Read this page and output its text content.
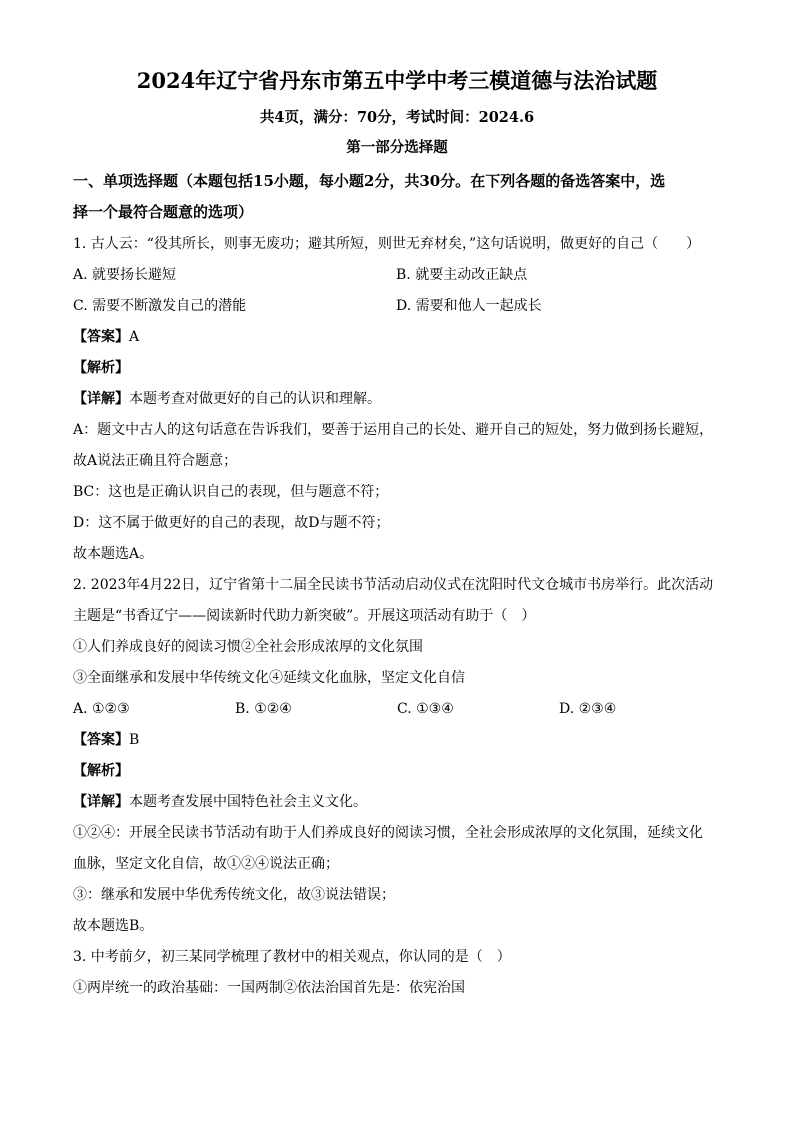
2024年辽宁省丹东市第五中学中考三模道德与法治试题
共4页，满分：70分，考试时间：2024.6
第一部分选择题
一、单项选择题（本题包括15小题，每小题2分，共30分。在下列各题的备选答案中，选
择一个最符合题意的选项）
1. 古人云：“役其所长，则事无废功；避其所短，则世无弃材矣，”这句话说明，做更好的自己（　　）
A. 就要扬长避短	B. 就要主动改正缺点
C. 需要不断激发自己的潜能	D. 需要和他人一起成长
【答案】A
【解析】
【详解】本题考查对做更好的自己的认识和理解。
A：题文中古人的这句话意在告诉我们，要善于运用自己的长处、避开自己的短处，努力做到扬长避短，
故A说法正确且符合题意；
BC：这也是正确认识自己的表现，但与题意不符；
D：这不属于做更好的自己的表现，故D与题不符；
故本题选A。
2. 2023年4月22日，辽宁省第十二届全民读书节活动启动仪式在沈阳时代文仓城市书房举行。此次活动
主题是“书香辽宁——阅读新时代助力新突破”。开展这项活动有助于（　）
①人们养成良好的阅读习惯②全社会形成浓厚的文化氛围
③全面继承和发展中华传统文化④延续文化血脉，坚定文化自信
A. ①②③	B. ①②④	C. ①③④	D. ②③④
【答案】B
【解析】
【详解】本题考查发展中国特色社会主义文化。
①②④：开展全民读书节活动有助于人们养成良好的阅读习惯，全社会形成浓厚的文化氛围，延续文化
血脉，坚定文化自信，故①②④说法正确；
③：继承和发展中华优秀传统文化，故③说法错误；
故本题选B。
3. 中考前夕，初三某同学梳理了教材中的相关观点，你认同的是（　）
①两岸统一的政治基础：一国两制②依法治国首先是：依宪治国
